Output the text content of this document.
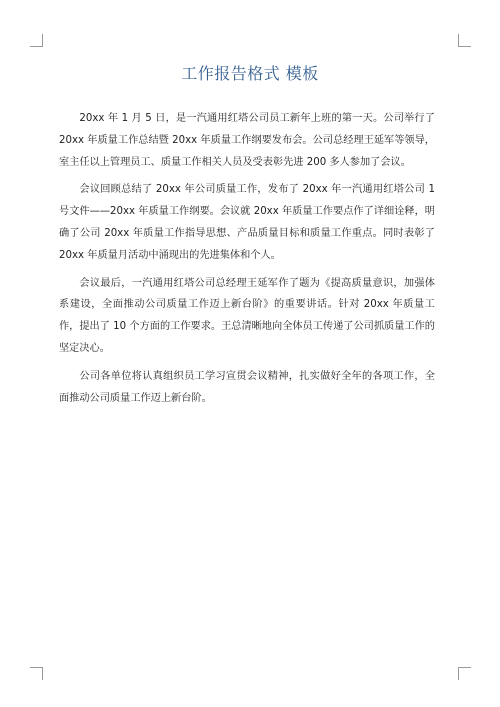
工作报告格式 模板

20xx 年 1 月 5 日，是一汽通用红塔公司员工新年上班的第一天。公司举行了 20xx 年质量工作总结暨 20xx 年质量工作纲要发布会。公司总经理王延军等领导，室主任以上管理员工、质量工作相关人员及受表彰先进 200 多人参加了会议。

会议回顾总结了 20xx 年公司质量工作，发布了 20xx 年一汽通用红塔公司 1 号文件——20xx 年质量工作纲要。会议就 20xx 年质量工作要点作了详细诠释，明确了公司 20xx 年质量工作指导思想、产品质量目标和质量工作重点。同时表彰了 20xx 年质量月活动中涌现出的先进集体和个人。

会议最后，一汽通用红塔公司总经理王延军作了题为《提高质量意识，加强体系建设，全面推动公司质量工作迈上新台阶》的重要讲话。针对 20xx 年质量工作，提出了 10 个方面的工作要求。王总清晰地向全体员工传递了公司抓质量工作的坚定决心。

公司各单位将认真组织员工学习宣贯会议精神，扎实做好全年的各项工作，全面推动公司质量工作迈上新台阶。
